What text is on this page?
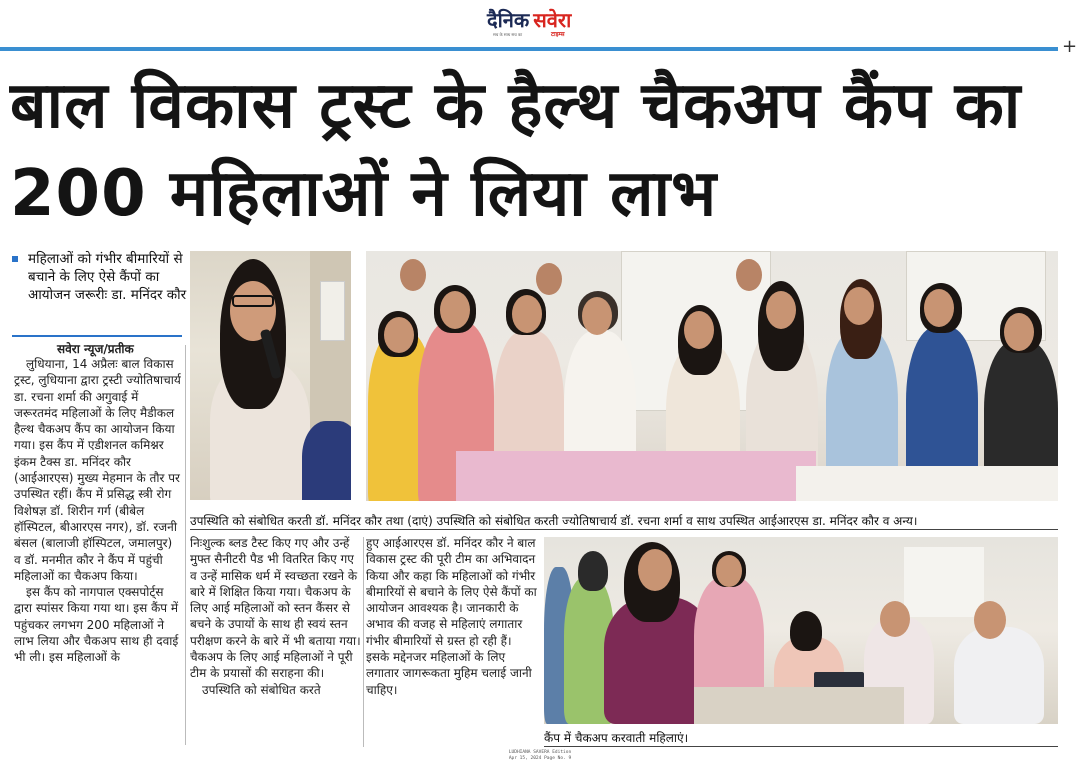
दैनिक सवेरा
टाइम्स
सच के साथ सच का
+
बाल विकास ट्रस्ट के हैल्थ चैकअप कैंप का 200 महिलाओं ने लिया लाभ
महिलाओं को गंभीर बीमारियों से बचाने के लिए ऐसे कैंपों का आयोजन जरूरीः डा. मनिंदर कौर
सवेरा न्यूज/प्रतीक

लुधियाना, 14 अप्रैलः बाल विकास ट्रस्ट, लुधियाना द्वारा ट्रस्टी ज्योतिषाचार्य डा. रचना शर्मा की अगुवाई में जरूरतमंद महिलाओं के लिए मैडीकल हैल्थ चैकअप कैंप का आयोजन किया गया। इस कैंप में एडीशनल कमिश्नर इंकम टैक्स डा. मनिंदर कौर (आईआरएस) मुख्य मेहमान के तौर पर उपस्थित रहीं। कैंप में प्रसिद्ध स्त्री रोग विशेषज्ञ डॉ. शिरीन गर्ग (बीबेल हॉस्पिटल, बीआरएस नगर), डॉ. रजनी बंसल (बालाजी हॉस्पिटल, जमालपुर) व डॉ. मनमीत कौर ने कैंप में पहुंची महिलाओं का चैकअप किया।

इस कैंप को नागपाल एक्सपोर्ट्स द्वारा स्पांसर किया गया था। इस कैंप में पहुंचकर लगभग 200 महिलाओं ने लाभ लिया और चैकअप साथ ही दवाई भी ली। इस महिलाओं के

उपस्थिति को संबोधित करती डॉ. मनिंदर कौर तथा (दाएं) उपस्थिति को संबोधित करती ज्योतिषाचार्य डॉ. रचना शर्मा व साथ उपस्थित आईआरएस डा. मनिंदर कौर व अन्य।

निःशुल्क ब्लड टैस्ट किए गए और उन्हें मुफ्त सैनीटरी पैड भी वितरित किए गए व उन्हें मासिक धर्म में स्वच्छता रखने के बारे में शिक्षित किया गया। चैकअप के लिए आई महिलाओं को स्तन कैंसर से बचने के उपायों के साथ ही स्वयं स्तन परीक्षण करने के बारे में भी बताया गया। चैकअप के लिए आई महिलाओं ने पूरी टीम के प्रयासों की सराहना की।

उपस्थिति को संबोधित करते

हुए आईआरएस डॉ. मनिंदर कौर ने बाल विकास ट्रस्ट की पूरी टीम का अभिवादन किया और कहा कि महिलाओं को गंभीर बीमारियों से बचाने के लिए ऐसे कैंपों का आयोजन आवश्यक है। जानकारी के अभाव की वजह से महिलाएं लगातार गंभीर बीमारियों से ग्रस्त हो रही हैं। इसके मद्देनजर महिलाओं के लिए लगातार जागरूकता मुहिम चलाई जानी चाहिए।

कैंप में चैकअप करवाती महिलाएं।
LUDHIANA SAVERA Edition
Apr 15, 2024 Page No. 9
